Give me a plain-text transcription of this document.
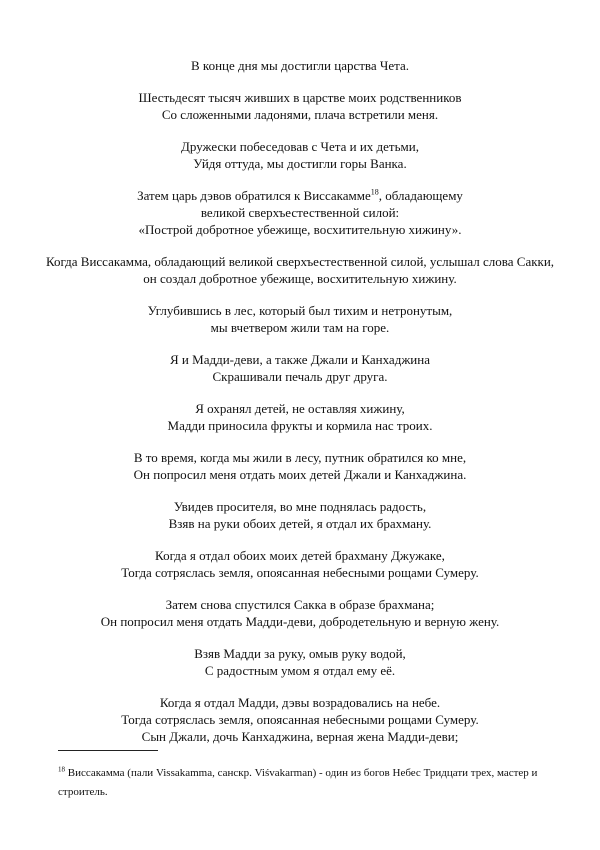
В конце дня мы достигли царства Чета.

Шестьдесят тысяч живших в царстве моих родственников
Со сложенными ладонями, плача встретили меня.

Дружески побеседовав с Чета и их детьми,
Уйдя оттуда, мы достигли горы Ванка.

Затем царь дэвов обратился к Виссакамме$^{18}$, обладающему
великой сверхъестественной силой:
«Построй добротное убежище, восхитительную хижину».

Когда Виссакамма, обладающий великой сверхъестественной силой, услышал слова Сакки, он создал добротное убежище, восхитительную хижину.

Углубившись в лес, который был тихим и нетронутым,
мы вчетвером жили там на горе.

Я и Мадди-деви, а также Джали и Канхаджина
Скрашивали печаль друг друга.

Я охранял детей, не оставляя хижину,
Мадди приносила фрукты и кормила нас троих.

В то время, когда мы жили в лесу, путник обратился ко мне,
Он попросил меня отдать моих детей Джали и Канхаджина.

Увидев просителя, во мне поднялась радость,
Взяв на руки обоих детей, я отдал их брахману.

Когда я отдал обоих моих детей брахману Джужаке,
Тогда сотряслась земля, опоясанная небесными рощами Сумеру.

Затем снова спустился Сакка в образе брахмана;
Он попросил меня отдать Мадди-деви, добродетельную и верную жену.

Взяв Мадди за руку, омыв руку водой,
С радостным умом я отдал ему её.

Когда я отдал Мадди, дэвы возрадовались на небе.
Тогда сотряслась земля, опоясанная небесными рощами Сумеру.
Сын Джали, дочь Канхаджина, верная жена Мадди-деви;

$^{18}$ Виссакамма (пали Vissakamma, санскр. Viśvakarman) - один из богов Небес Тридцати трех, мастер и строитель.
